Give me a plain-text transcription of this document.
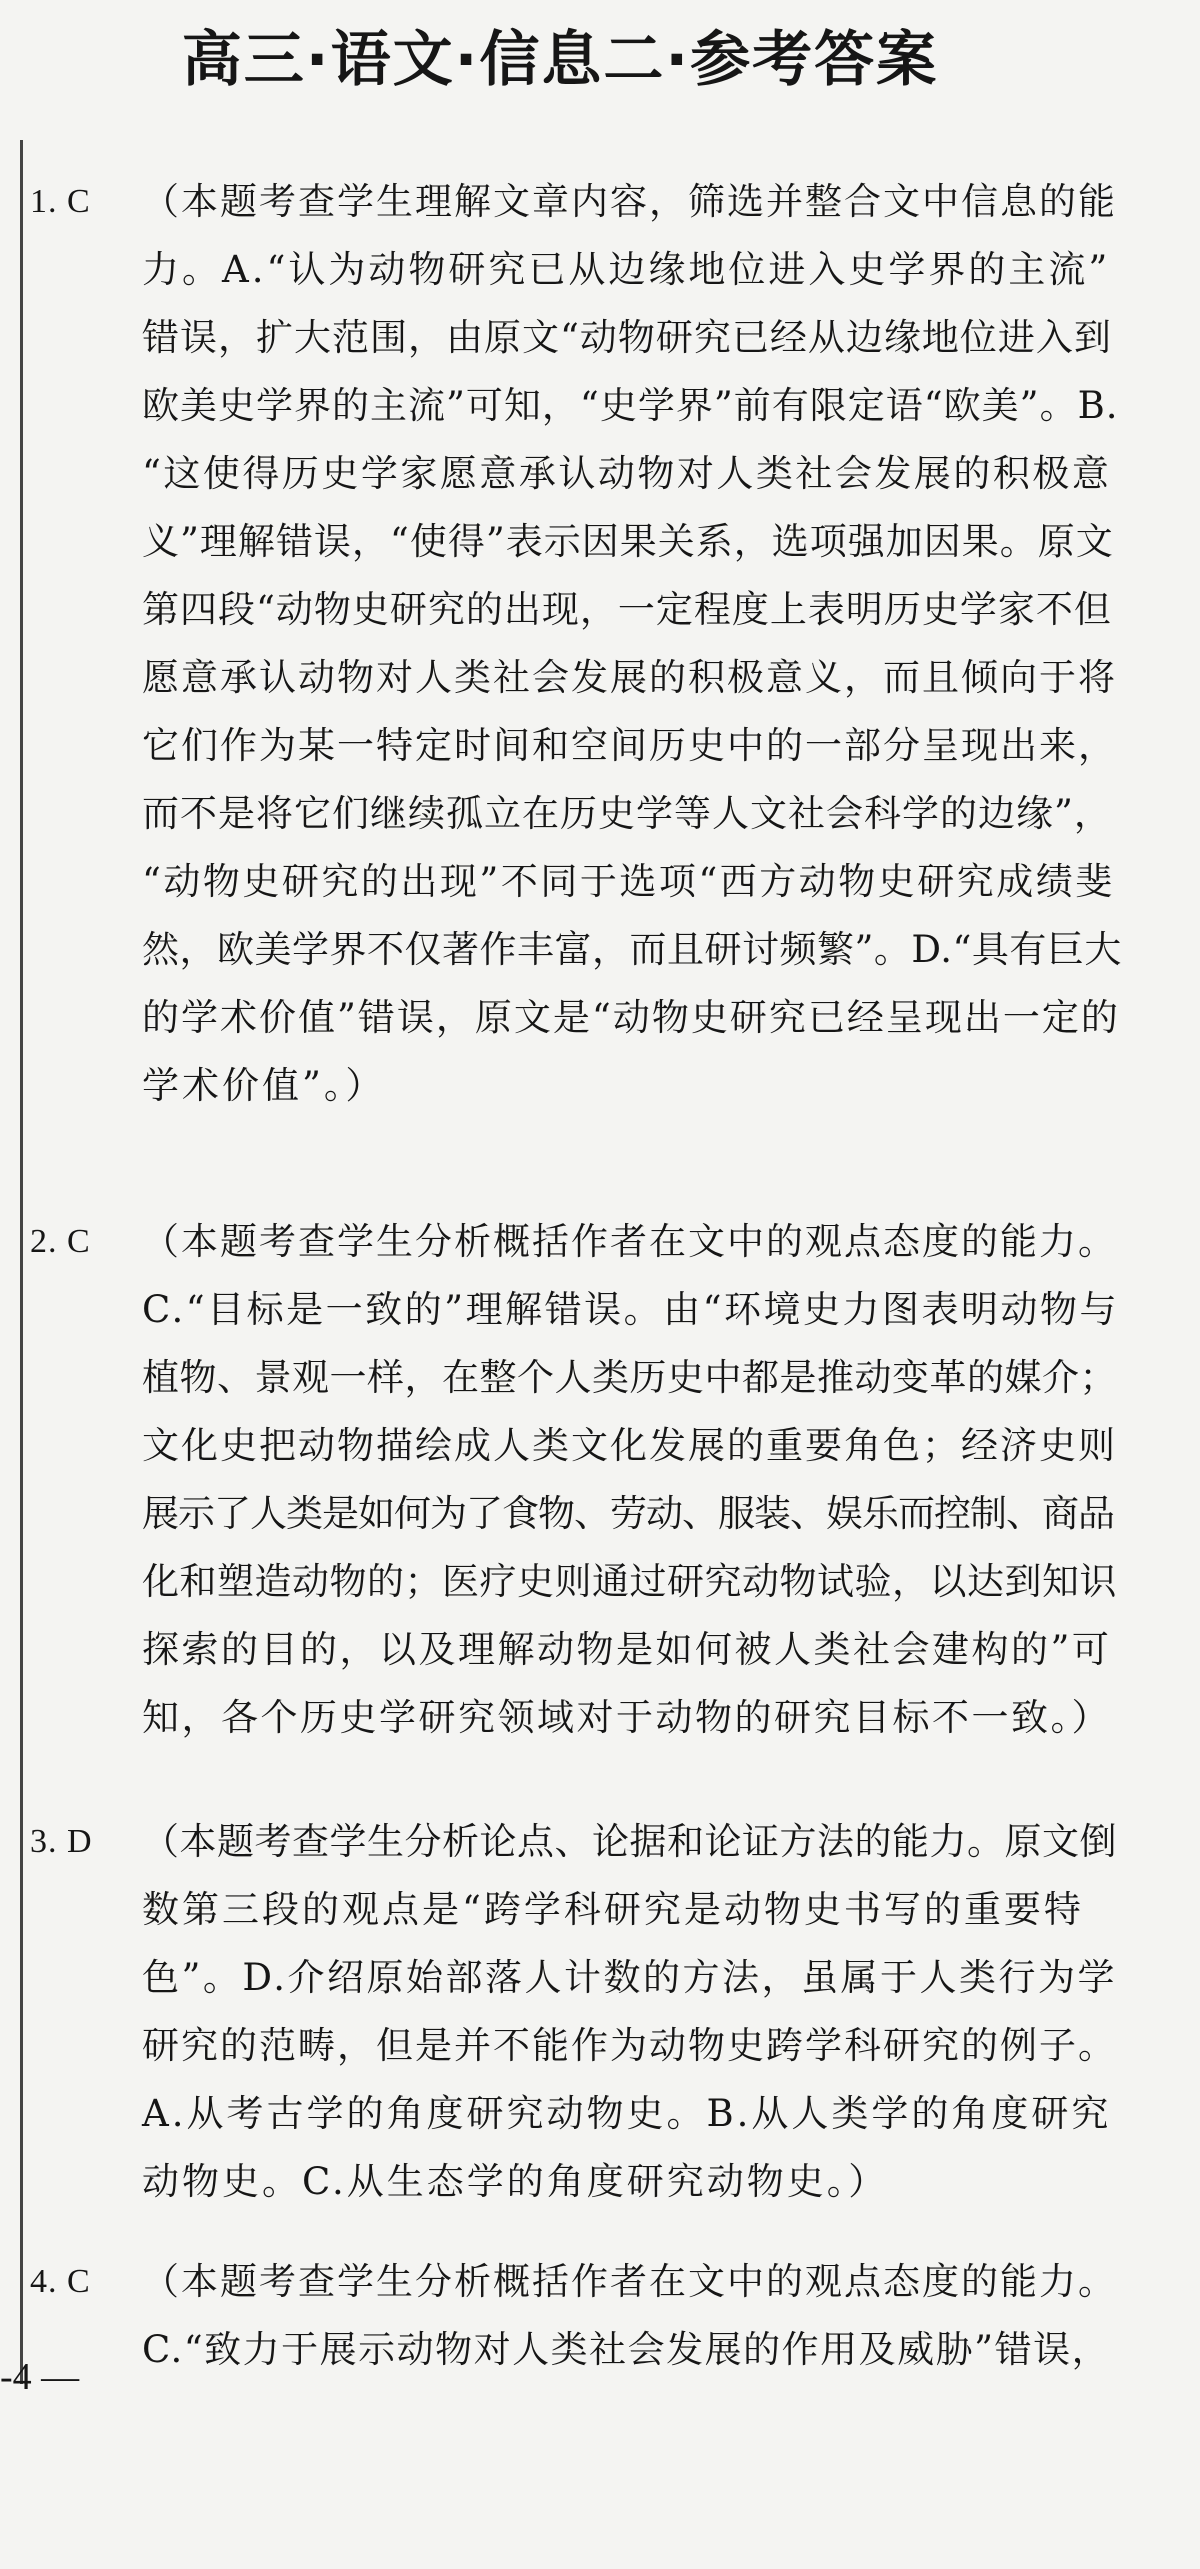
高三·语文·信息二·参考答案
1. C	（本题考查学生理解文章内容，筛选并整合文中信息的能
力。A.“认为动物研究已从边缘地位进入史学界的主流”
错误，扩大范围，由原文“动物研究已经从边缘地位进入到
欧美史学界的主流”可知，“史学界”前有限定语“欧美”。B.
“这使得历史学家愿意承认动物对人类社会发展的积极意
义”理解错误，“使得”表示因果关系，选项强加因果。原文
第四段“动物史研究的出现，一定程度上表明历史学家不但
愿意承认动物对人类社会发展的积极意义，而且倾向于将
它们作为某一特定时间和空间历史中的一部分呈现出来，
而不是将它们继续孤立在历史学等人文社会科学的边缘”，
“动物史研究的出现”不同于选项“西方动物史研究成绩斐
然，欧美学界不仅著作丰富，而且研讨频繁”。D.“具有巨大
的学术价值”错误，原文是“动物史研究已经呈现出一定的
学术价值”。）
2. C	（本题考查学生分析概括作者在文中的观点态度的能力。
C.“目标是一致的”理解错误。由“环境史力图表明动物与
植物、景观一样，在整个人类历史中都是推动变革的媒介；
文化史把动物描绘成人类文化发展的重要角色；经济史则
展示了人类是如何为了食物、劳动、服装、娱乐而控制、商品
化和塑造动物的；医疗史则通过研究动物试验，以达到知识
探索的目的，以及理解动物是如何被人类社会建构的”可
知，各个历史学研究领域对于动物的研究目标不一致。）
3. D	（本题考查学生分析论点、论据和论证方法的能力。原文倒
数第三段的观点是“跨学科研究是动物史书写的重要特
色”。D.介绍原始部落人计数的方法，虽属于人类行为学
研究的范畴，但是并不能作为动物史跨学科研究的例子。
A.从考古学的角度研究动物史。B.从人类学的角度研究
动物史。C.从生态学的角度研究动物史。）
4. C	（本题考查学生分析概括作者在文中的观点态度的能力。
C.“致力于展示动物对人类社会发展的作用及威胁”错误，
-4 —
